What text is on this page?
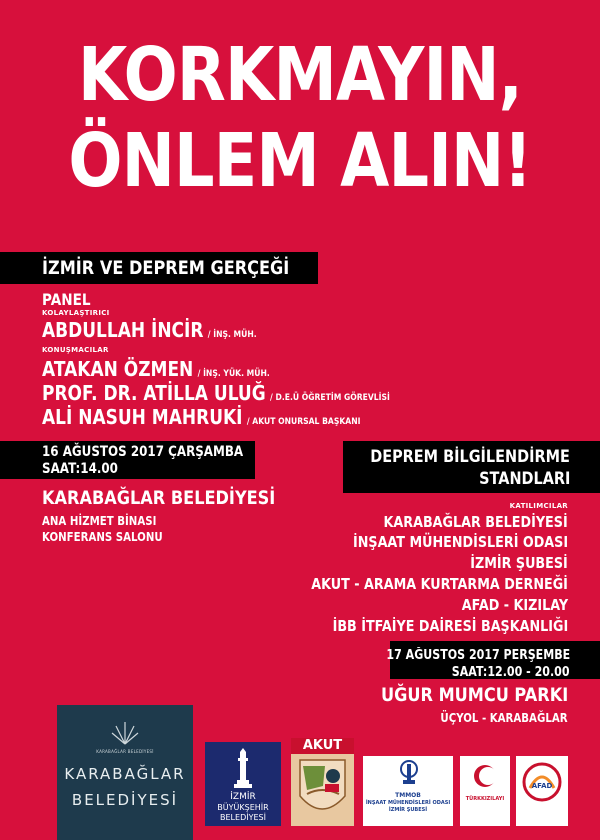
KORKMAYIN,
ÖNLEM ALIN!
İZMİR VE DEPREM GERÇEĞİ
PANEL
KOLAYLAŞTIRICI
ABDULLAH İNCİR / İNŞ. MÜH.
KONUŞMACILAR
ATAKAN ÖZMEN / İNŞ. YÜK. MÜH.
PROF. DR. ATİLLA ULUĞ / D.E.Ü ÖĞRETİM GÖREVLİSİ
ALİ NASUH MAHRUKİ / AKUT ONURSAL BAŞKANI
16 AĞUSTOS 2017 ÇARŞAMBA
SAAT:14.00
KARABAĞLAR BELEDİYESİ
ANA HİZMET BİNASI
KONFERANS SALONU
DEPREM BİLGİLENDİRME
STANDLARI
KATILIMCILAR
KARABAĞLAR BELEDİYESİ
İNŞAAT MÜHENDİSLERİ ODASI
İZMİR ŞUBESİ
AKUT - ARAMA KURTARMA DERNEĞİ
AFAD - KIZILAY
İBB İTFAİYE DAİRESİ BAŞKANLIĞI
17 AĞUSTOS 2017 PERŞEMBE
SAAT:12.00 - 20.00
UĞUR MUMCU PARKI
ÜÇYOL - KARABAĞLAR
KARABAĞLAR BELEDİYESİ
KARABAĞLAR
BELEDİYESİ	İZMİR
BÜYÜKŞEHİR
BELEDİYESİ
AKUT
TMMOB
İNŞAAT MÜHENDİSLERİ ODASI
İZMİR ŞUBESİ
TÜRKKIZILAYI
AFAD
